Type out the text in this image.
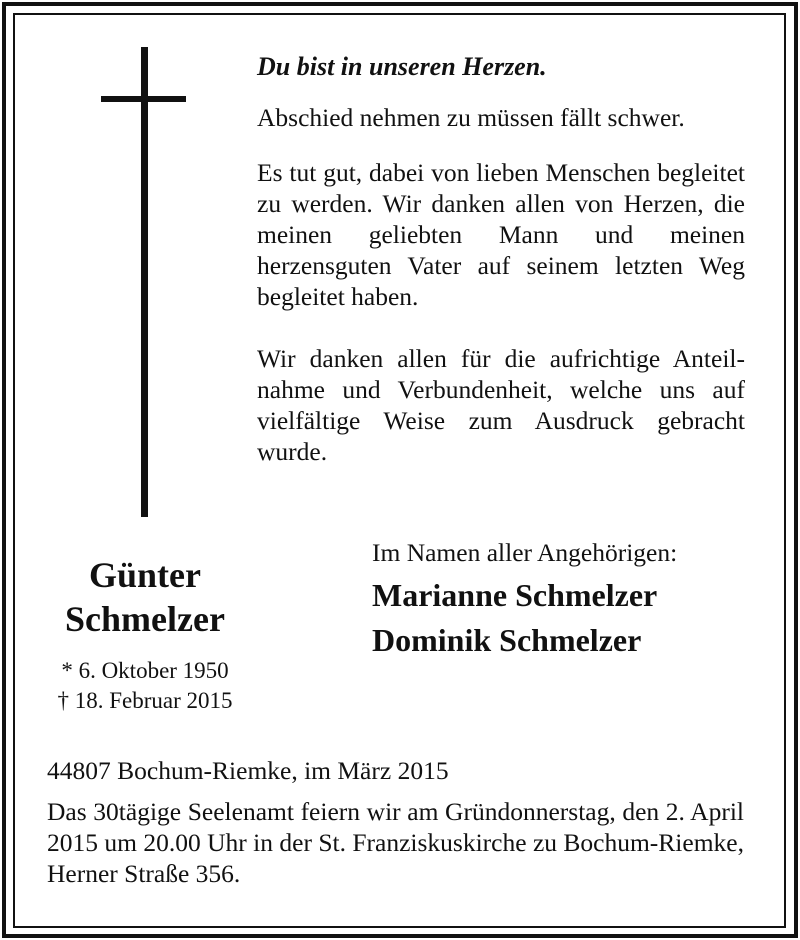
Du bist in unseren Herzen.
Abschied nehmen zu müssen fällt schwer.
Es tut gut, dabei von lieben Menschen begleitet zu werden. Wir danken allen von Herzen, die meinen geliebten Mann und meinen herzensguten Vater auf seinem letzten Weg begleitet haben.
Wir danken allen für die aufrichtige Anteil- nahme und Verbundenheit, welche uns auf vielfältige Weise zum Ausdruck gebracht wurde.
Günter
Schmelzer
* 6. Oktober 1950
† 18. Februar 2015
Im Namen aller Angehörigen:
Marianne Schmelzer
Dominik Schmelzer
44807 Bochum-Riemke, im März 2015
Das 30tägige Seelenamt feiern wir am Gründonnerstag, den 2. April 2015 um 20.00 Uhr in der St. Franziskuskirche zu Bochum-Riemke, Herner Straße 356.
